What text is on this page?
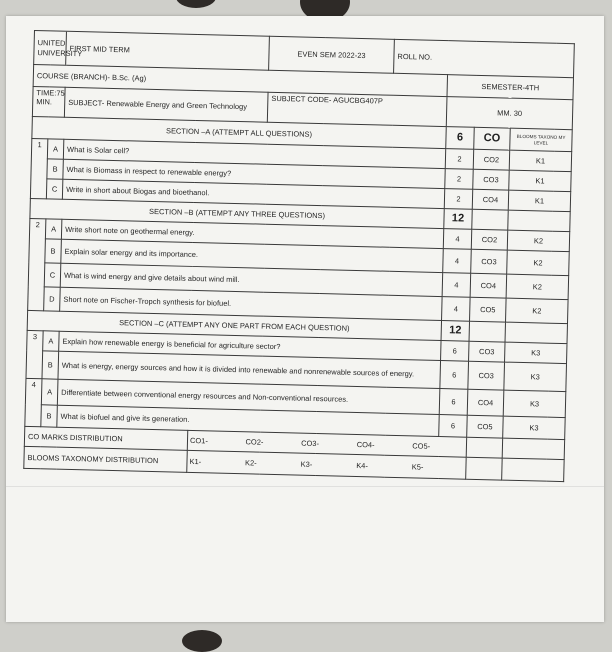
UNITED UNIVERSITY	FIRST MID TERM	EVEN SEM 2022-23	ROLL NO.
COURSE (BRANCH)- B.Sc. (Ag)	SEMESTER-4TH
TIME:75 MIN.	SUBJECT- Renewable Energy and Green Technology	SUBJECT CODE- AGUCBG407P	MM. 30
SECTION –A (ATTEMPT ALL QUESTIONS)	6	CO	BLOOMS TAXONO MY LEVEL
1	A	What is Solar cell?	2	CO2	K1
B	What is Biomass in respect to renewable energy?	2	CO3	K1
C	Write in short about Biogas and bioethanol.	2	CO4	K1
SECTION –B (ATTEMPT ANY THREE QUESTIONS)	12		
2	A	Write short note on geothermal energy.	4	CO2	K2
B	Explain solar energy and its importance.	4	CO3	K2
C	What is wind energy and give details about wind mill.	4	CO4	K2
D	Short note on Fischer-Tropch synthesis for biofuel.	4	CO5	K2
SECTION –C (ATTEMPT ANY ONE PART FROM EACH QUESTION)	12		
3	A	Explain how renewable energy is beneficial for agriculture sector?	6	CO3	K3
B	What is energy, energy sources and how it is divided into renewable and nonrenewable sources of energy.	6	CO3	K3
4	A	Differentiate between conventional energy resources and Non-conventional resources.	6	CO4	K3
B	What is biofuel and give its generation.	6	CO5	K3
CO MARKS DISTRIBUTION		CO1-	CO2-	CO3-	CO4-	CO5-

BLOOMS TAXONOMY DISTRIBUTION		K1-	K2-	K3-	K4-	K5-
